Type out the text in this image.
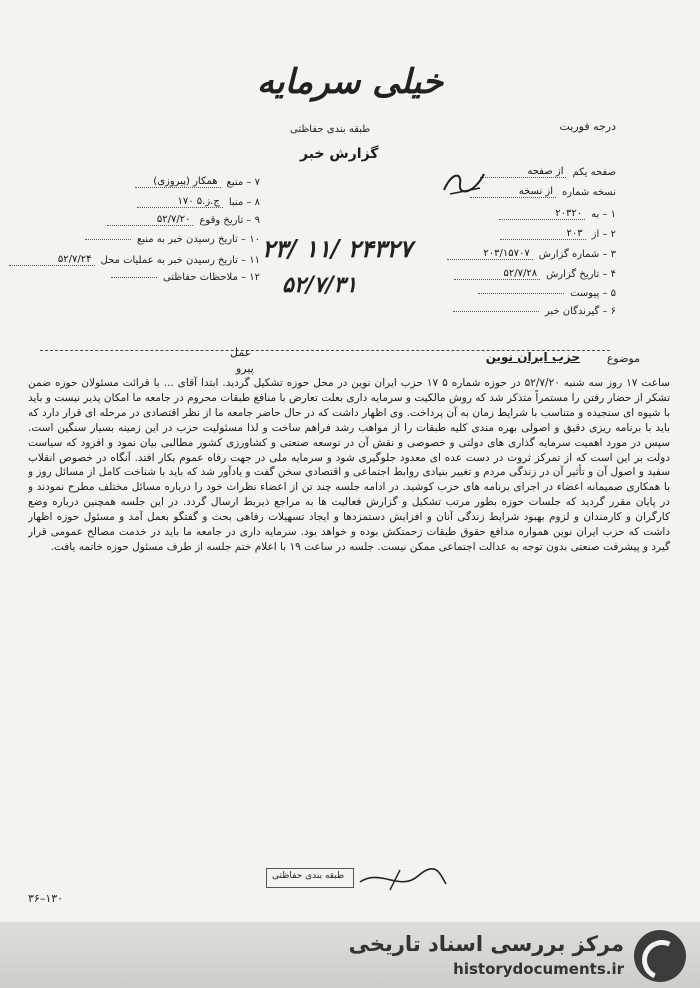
خیلی سرمایه
درجه فوریت
طبقه بندی حفاظتی
گزارش خبر
صفحه یکم
از صفحه
نسخه شماره
از نسخه
۱ – به
۲۰۳۲۰
۲ – از
۲۰۳
۳ – شماره گزارش
۲۰۳/۱۵۷۰۷
۴ – تاریخ گزارش
۵۲/۷/۲۸
۵ – پیوست
۶ – گیرندگان خبر
۷ – منبع
همکار (پیروزی)
۸ – منبا
ج.ز.۵ ۱۷۰
۹ – تاریخ وقوع
۵۲/۷/۲۰
۱۰ – تاریخ رسیدن خبر به منبع
۱۱ – تاریخ رسیدن خبر به عملیات محل
۵۲/۷/۲۴
۱۲ – ملاحظات حفاظتی
۲۳/ ۱۱/ ۲۴۳۲۷
۵۲/۷/۳۱
موضوع
حزب ایران نوین
عمل
پیرو
ساعت ۱۷ روز سه شنبه ۵۲/۷/۲۰ در حوزه شماره ۵ ۱۷ حزب ایران نوین در محل حوزه تشکیل گردید. ابتدا آقای ... با قرائت مسئولان حوزه ضمن تشکر از حضار رفتن را مستمراً متذکر شد که روش مالکیت و سرمایه داری بعلت تعارض با منافع طبقات محروم در جامعه ما امکان پذیر نیست و باید با شیوه ای سنجیده و متناسب با شرایط زمان به آن پرداخت. وی اظهار داشت که در حال حاضر جامعه ما از نظر اقتصادی در مرحله ای قرار دارد که باید با برنامه ریزی دقیق و اصولی بهره مندی کلیه طبقات را از مواهب رشد فراهم ساخت و لذا مسئولیت حزب در این زمینه بسیار سنگین است. سپس در مورد اهمیت سرمایه گذاری های دولتی و خصوصی و نقش آن در توسعه صنعتی و کشاورزی کشور مطالبی بیان نمود و افزود که سیاست دولت بر این است که از تمرکز ثروت در دست عده ای معدود جلوگیری شود و سرمایه ملی در جهت رفاه عموم بکار افتد. آنگاه در خصوص انقلاب سفید و اصول آن و تأثیر آن در زندگی مردم و تغییر بنیادی روابط اجتماعی و اقتصادی سخن گفت و یادآور شد که باید با شناخت کامل از مسائل روز و با همکاری صمیمانه اعضاء در اجرای برنامه های حزب کوشید. در ادامه جلسه چند تن از اعضاء نظرات خود را درباره مسائل مختلف مطرح نمودند و در پایان مقرر گردید که جلسات حوزه بطور مرتب تشکیل و گزارش فعالیت ها به مراجع ذیربط ارسال گردد. در این جلسه همچنین درباره وضع کارگران و کارمندان و لزوم بهبود شرایط زندگی آنان و افزایش دستمزدها و ایجاد تسهیلات رفاهی بحث و گفتگو بعمل آمد و مسئول حوزه اظهار داشت که حزب ایران نوین همواره مدافع حقوق طبقات زحمتکش بوده و خواهد بود. سرمایه داری در جامعه ما باید در خدمت مصالح عمومی قرار گیرد و پیشرفت صنعتی بدون توجه به عدالت اجتماعی ممکن نیست. جلسه در ساعت ۱۹ با اعلام ختم جلسه از طرف مسئول حوزه خاتمه یافت.
طبقه بندی حفاظتی
۳۶–۱۳۰
مرکز بررسی اسناد تاریخی
historydocuments.ir
